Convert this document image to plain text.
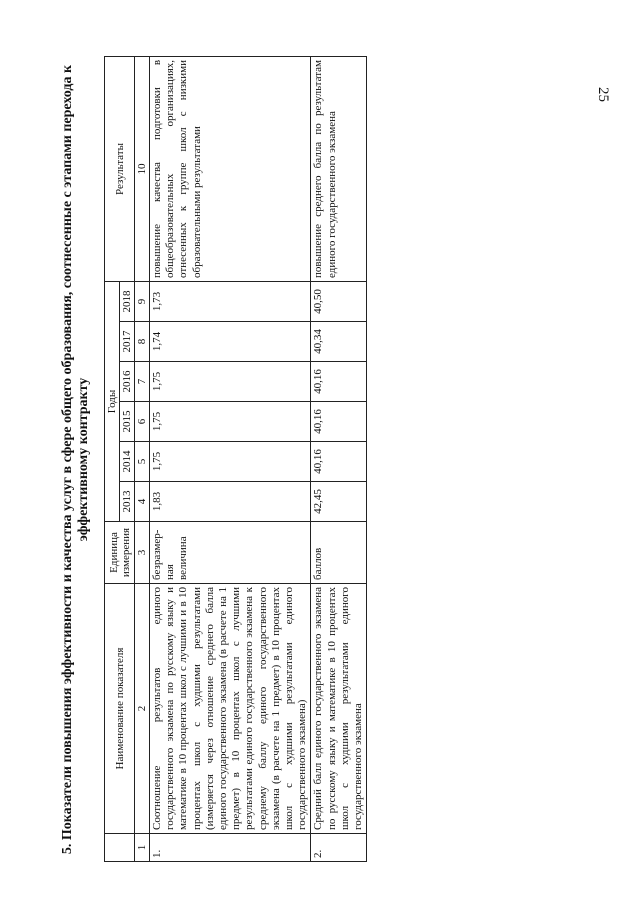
25
5. Показатели повышения эффективности и качества услуг в сфере общего образования, соотнесенные с этапами перехода к эффективному контракту
	Наименование показателя	Единица измерения	Годы						Результаты
			2013	2014	2015	2016	2017	2018	
1	2	3	4	5	6	7	8	9	10
1.	Соотношение результатов единого государственного экзамена по русскому языку и математике в 10 процентах школ с лучшими и в 10 процентах школ с худшими результатами (измеряется через отношение среднего балла единого государственного экзамена (в расчете на 1 предмет) в 10 процентах школ с лучшими результатами единого государственного экзамена к среднему баллу единого государственного экзамена (в расчете на 1 предмет) в 10 процентах школ с худшими результатами единого государственного экзамена)	безразмер-ная величина	1,83	1,75	1,75	1,75	1,74	1,73	повышение качества подготовки в общеобразовательных организациях, отнесенных к группе школ с низкими образовательными результатами
2.	Средний балл единого государственного экзамена по русскому языку и математике в 10 процентах школ с худшими результатами единого государственного экзамена	баллов	42,45	40,16	40,16	40,16	40,34	40,50	повышение среднего балла по результатам единого государственного экзамена
